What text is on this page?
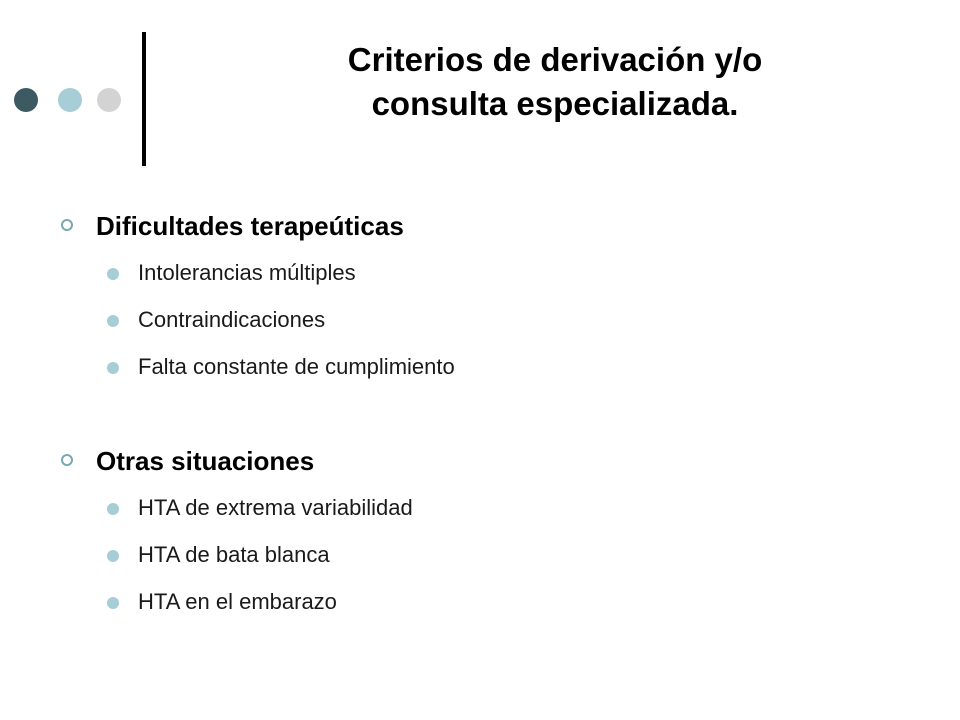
Criterios de derivación y/o
consulta especializada.
Dificultades terapeúticas
Intolerancias múltiples
Contraindicaciones
Falta constante de cumplimiento
Otras situaciones
HTA de extrema variabilidad
HTA de bata blanca
HTA en el embarazo
